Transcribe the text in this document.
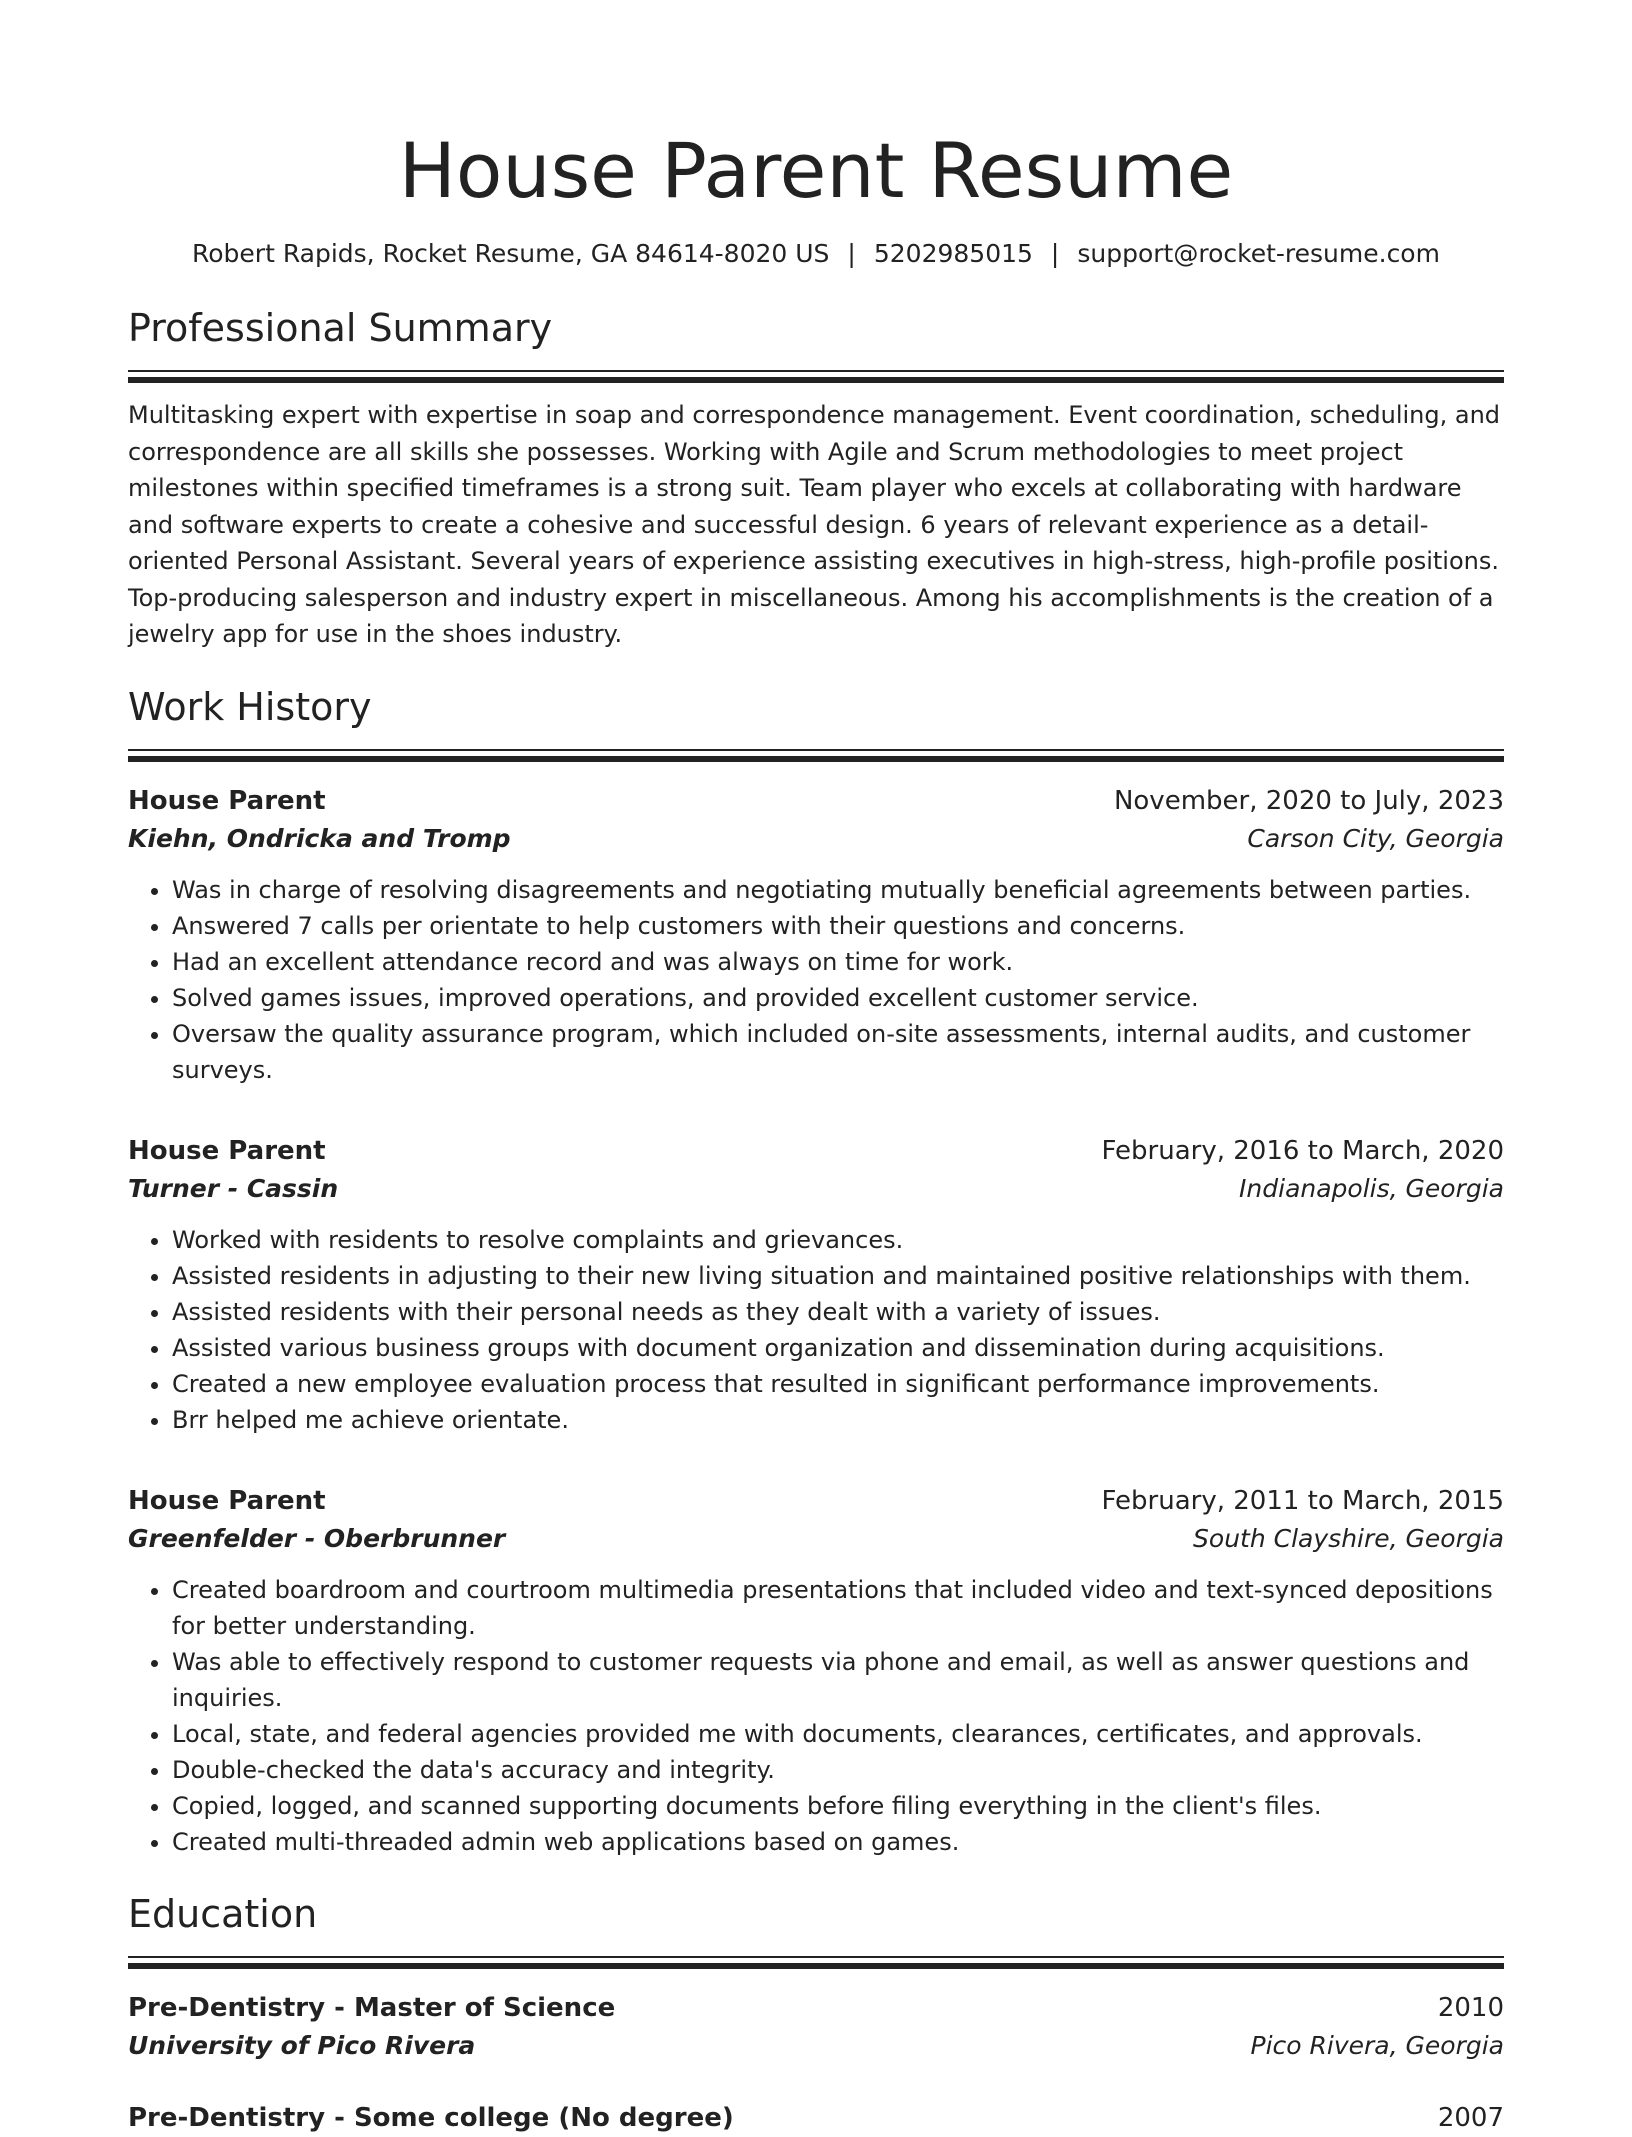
House Parent Resume
Robert Rapids, Rocket Resume, GA 84614-8020 US | 5202985015 | support@rocket-resume.com
Professional Summary
Multitasking expert with expertise in soap and correspondence management. Event coordination, scheduling, and correspondence are all skills she possesses. Working with Agile and Scrum methodologies to meet project milestones within specified timeframes is a strong suit. Team player who excels at collaborating with hardware and software experts to create a cohesive and successful design. 6 years of relevant experience as a detail-oriented Personal Assistant. Several years of experience assisting executives in high-stress, high-profile positions. Top-producing salesperson and industry expert in miscellaneous. Among his accomplishments is the creation of a jewelry app for use in the shoes industry.
Work History
House Parent	November, 2020 to July, 2023
Kiehn, Ondricka and Tromp	Carson City, Georgia
• Was in charge of resolving disagreements and negotiating mutually beneficial agreements between parties.
• Answered 7 calls per orientate to help customers with their questions and concerns.
• Had an excellent attendance record and was always on time for work.
• Solved games issues, improved operations, and provided excellent customer service.
• Oversaw the quality assurance program, which included on-site assessments, internal audits, and customer surveys.
House Parent	February, 2016 to March, 2020
Turner - Cassin	Indianapolis, Georgia
• Worked with residents to resolve complaints and grievances.
• Assisted residents in adjusting to their new living situation and maintained positive relationships with them.
• Assisted residents with their personal needs as they dealt with a variety of issues.
• Assisted various business groups with document organization and dissemination during acquisitions.
• Created a new employee evaluation process that resulted in significant performance improvements.
• Brr helped me achieve orientate.
House Parent	February, 2011 to March, 2015
Greenfelder - Oberbrunner	South Clayshire, Georgia
• Created boardroom and courtroom multimedia presentations that included video and text-synced depositions for better understanding.
• Was able to effectively respond to customer requests via phone and email, as well as answer questions and inquiries.
• Local, state, and federal agencies provided me with documents, clearances, certificates, and approvals.
• Double-checked the data's accuracy and integrity.
• Copied, logged, and scanned supporting documents before filing everything in the client's files.
• Created multi-threaded admin web applications based on games.
Education
Pre-Dentistry - Master of Science	2010
University of Pico Rivera	Pico Rivera, Georgia
Pre-Dentistry - Some college (No degree)	2007
